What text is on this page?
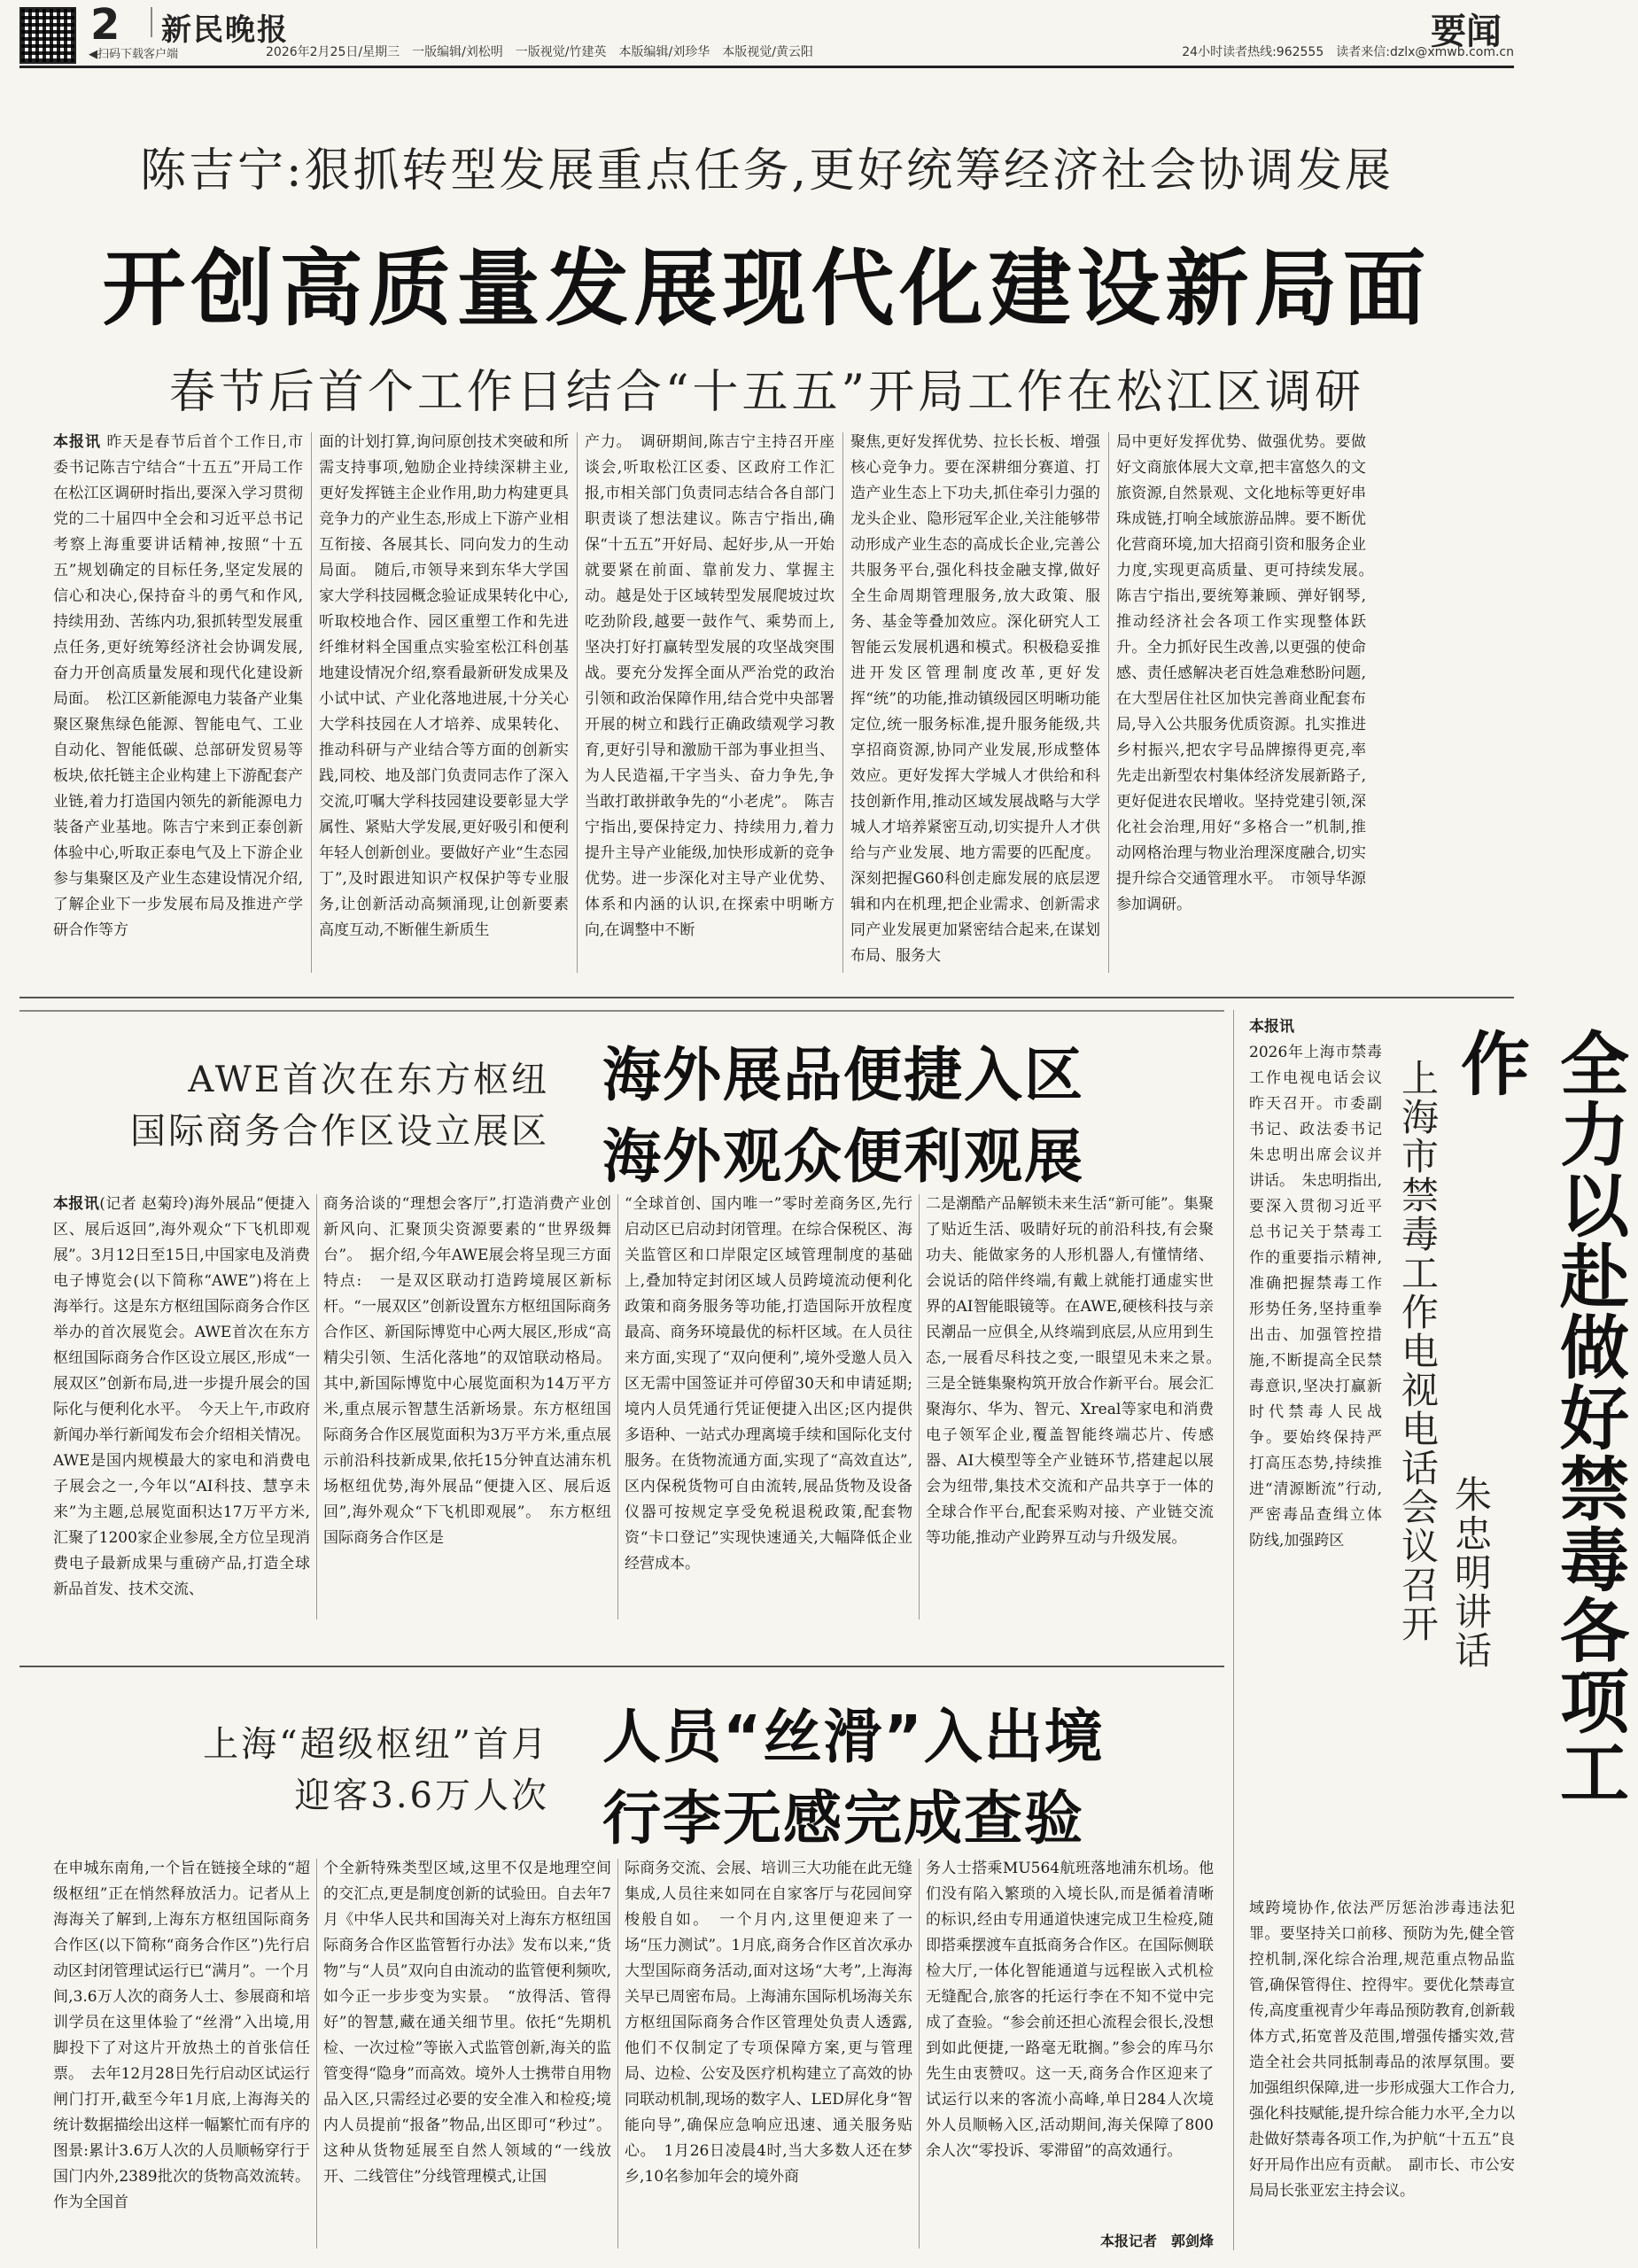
2 新民晚报	要闻
◀扫码下载客户端	2026年2月25日/星期三　一版编辑/刘松明　一版视觉/竹建英　本版编辑/刘珍华　本版视觉/黄云阳	24小时读者热线:962555　读者来信:dzlx@xmwb.com.cn
陈吉宁:狠抓转型发展重点任务,更好统筹经济社会协调发展
开创高质量发展现代化建设新局面
春节后首个工作日结合“十五五”开局工作在松江区调研
本报讯 昨天是春节后首个工作日,市委书记陈吉宁结合“十五五”开局工作在松江区调研时指出,要深入学习贯彻党的二十届四中全会和习近平总书记考察上海重要讲话精神,按照“十五五”规划确定的目标任务,坚定发展的信心和决心,保持奋斗的勇气和作风,持续用劲、苦练内功,狠抓转型发展重点任务,更好统筹经济社会协调发展,奋力开创高质量发展和现代化建设新局面。　松江区新能源电力装备产业集聚区聚焦绿色能源、智能电气、工业自动化、智能低碳、总部研发贸易等板块,依托链主企业构建上下游配套产业链,着力打造国内领先的新能源电力装备产业基地。陈吉宁来到正泰创新体验中心,听取正泰电气及上下游企业参与集聚区及产业生态建设情况介绍,了解企业下一步发展布局及推进产学研合作等方
面的计划打算,询问原创技术突破和所需支持事项,勉励企业持续深耕主业,更好发挥链主企业作用,助力构建更具竞争力的产业生态,形成上下游产业相互衔接、各展其长、同向发力的生动局面。　随后,市领导来到东华大学国家大学科技园概念验证成果转化中心,听取校地合作、园区重塑工作和先进纤维材料全国重点实验室松江科创基地建设情况介绍,察看最新研发成果及小试中试、产业化落地进展,十分关心大学科技园在人才培养、成果转化、推动科研与产业结合等方面的创新实践,同校、地及部门负责同志作了深入交流,叮嘱大学科技园建设要彰显大学属性、紧贴大学发展,更好吸引和便利年轻人创新创业。要做好产业“生态园丁”,及时跟进知识产权保护等专业服务,让创新活动高频涌现,让创新要素高度互动,不断催生新质生
产力。　调研期间,陈吉宁主持召开座谈会,听取松江区委、区政府工作汇报,市相关部门负责同志结合各自部门职责谈了想法建议。陈吉宁指出,确保“十五五”开好局、起好步,从一开始就要紧在前面、靠前发力、掌握主动。越是处于区域转型发展爬坡过坎吃劲阶段,越要一鼓作气、乘势而上,坚决打好打赢转型发展的攻坚战突围战。要充分发挥全面从严治党的政治引领和政治保障作用,结合党中央部署开展的树立和践行正确政绩观学习教育,更好引导和激励干部为事业担当、为人民造福,干字当头、奋力争先,争当敢打敢拼敢争先的“小老虎”。　陈吉宁指出,要保持定力、持续用力,着力提升主导产业能级,加快形成新的竞争优势。进一步深化对主导产业优势、体系和内涵的认识,在探索中明晰方向,在调整中不断
聚焦,更好发挥优势、拉长长板、增强核心竞争力。要在深耕细分赛道、打造产业生态上下功夫,抓住牵引力强的龙头企业、隐形冠军企业,关注能够带动形成产业生态的高成长企业,完善公共服务平台,强化科技金融支撑,做好全生命周期管理服务,放大政策、服务、基金等叠加效应。深化研究人工智能云发展机遇和模式。积极稳妥推进开发区管理制度改革,更好发挥“统”的功能,推动镇级园区明晰功能定位,统一服务标准,提升服务能级,共享招商资源,协同产业发展,形成整体效应。更好发挥大学城人才供给和科技创新作用,推动区域发展战略与大学城人才培养紧密互动,切实提升人才供给与产业发展、地方需要的匹配度。深刻把握G60科创走廊发展的底层逻辑和内在机理,把企业需求、创新需求同产业发展更加紧密结合起来,在谋划布局、服务大
局中更好发挥优势、做强优势。要做好文商旅体展大文章,把丰富悠久的文旅资源,自然景观、文化地标等更好串珠成链,打响全域旅游品牌。要不断优化营商环境,加大招商引资和服务企业力度,实现更高质量、更可持续发展。　陈吉宁指出,要统筹兼顾、弹好钢琴,推动经济社会各项工作实现整体跃升。全力抓好民生改善,以更强的使命感、责任感解决老百姓急难愁盼问题,在大型居住社区加快完善商业配套布局,导入公共服务优质资源。扎实推进乡村振兴,把农字号品牌擦得更亮,率先走出新型农村集体经济发展新路子,更好促进农民增收。坚持党建引领,深化社会治理,用好“多格合一”机制,推动网格治理与物业治理深度融合,切实提升综合交通管理水平。　市领导华源参加调研。
AWE首次在东方枢纽
国际商务合作区设立展区
海外展品便捷入区
海外观众便利观展
本报讯(记者 赵菊玲)海外展品“便捷入区、展后返回”,海外观众“下飞机即观展”。3月12日至15日,中国家电及消费电子博览会(以下简称“AWE”)将在上海举行。这是东方枢纽国际商务合作区举办的首次展览会。AWE首次在东方枢纽国际商务合作区设立展区,形成“一展双区”创新布局,进一步提升展会的国际化与便利化水平。　今天上午,市政府新闻办举行新闻发布会介绍相关情况。AWE是国内规模最大的家电和消费电子展会之一,今年以“AI科技、慧享未来”为主题,总展览面积达17万平方米,汇聚了1200家企业参展,全方位呈现消费电子最新成果与重磅产品,打造全球新品首发、技术交流、
商务洽谈的“理想会客厅”,打造消费产业创新风向、汇聚顶尖资源要素的“世界级舞台”。　据介绍,今年AWE展会将呈现三方面特点:　一是双区联动打造跨境展区新标杆。“一展双区”创新设置东方枢纽国际商务合作区、新国际博览中心两大展区,形成“高精尖引领、生活化落地”的双馆联动格局。其中,新国际博览中心展览面积为14万平方米,重点展示智慧生活新场景。东方枢纽国际商务合作区展览面积为3万平方米,重点展示前沿科技新成果,依托15分钟直达浦东机场枢纽优势,海外展品“便捷入区、展后返回”,海外观众“下飞机即观展”。　东方枢纽国际商务合作区是
“全球首创、国内唯一”零时差商务区,先行启动区已启动封闭管理。在综合保税区、海关监管区和口岸限定区域管理制度的基础上,叠加特定封闭区域人员跨境流动便利化政策和商务服务等功能,打造国际开放程度最高、商务环境最优的标杆区域。在人员往来方面,实现了“双向便利”,境外受邀人员入区无需中国签证并可停留30天和申请延期;境内人员凭通行凭证便捷入出区;区内提供多语种、一站式办理离境手续和国际化支付服务。在货物流通方面,实现了“高效直达”,区内保税货物可自由流转,展品货物及设备仪器可按规定享受免税退税政策,配套物资“卡口登记”实现快速通关,大幅降低企业经营成本。
二是潮酷产品解锁未来生活“新可能”。集聚了贴近生活、吸睛好玩的前沿科技,有会聚功夫、能做家务的人形机器人,有懂情绪、会说话的陪伴终端,有戴上就能打通虚实世界的AI智能眼镜等。在AWE,硬核科技与亲民潮品一应俱全,从终端到底层,从应用到生态,一展看尽科技之变,一眼望见未来之景。　三是全链集聚构筑开放合作新平台。展会汇聚海尔、华为、智元、Xreal等家电和消费电子领军企业,覆盖智能终端芯片、传感器、AI大模型等全产业链环节,搭建起以展会为纽带,集技术交流和产品共享于一体的全球合作平台,配套采购对接、产业链交流等功能,推动产业跨界互动与升级发展。
上海“超级枢纽”首月
迎客3.6万人次
人员“丝滑”入出境
行李无感完成查验
在申城东南角,一个旨在链接全球的“超级枢纽”正在悄然释放活力。记者从上海海关了解到,上海东方枢纽国际商务合作区(以下简称“商务合作区”)先行启动区封闭管理试运行已“满月”。一个月间,3.6万人次的商务人士、参展商和培训学员在这里体验了“丝滑”入出境,用脚投下了对这片开放热土的首张信任票。　去年12月28日先行启动区试运行闸门打开,截至今年1月底,上海海关的统计数据描绘出这样一幅繁忙而有序的图景:累计3.6万人次的人员顺畅穿行于国门内外,2389批次的货物高效流转。作为全国首
个全新特殊类型区域,这里不仅是地理空间的交汇点,更是制度创新的试验田。自去年7月《中华人民共和国海关对上海东方枢纽国际商务合作区监管暂行办法》发布以来,“货物”与“人员”双向自由流动的监管便利频吹,如今正一步步变为实景。　“放得活、管得好”的智慧,藏在通关细节里。依托“先期机检、一次过检”等嵌入式监管创新,海关的监管变得“隐身”而高效。境外人士携带自用物品入区,只需经过必要的安全准入和检疫;境内人员提前“报备”物品,出区即可“秒过”。这种从货物延展至自然人领域的“一线放开、二线管住”分线管理模式,让国
际商务交流、会展、培训三大功能在此无缝集成,人员往来如同在自家客厅与花园间穿梭般自如。　一个月内,这里便迎来了一场“压力测试”。1月底,商务合作区首次承办大型国际商务活动,面对这场“大考”,上海海关早已周密布局。上海浦东国际机场海关东方枢纽国际商务合作区管理处负责人透露,他们不仅制定了专项保障方案,更与管理局、边检、公安及医疗机构建立了高效的协同联动机制,现场的数字人、LED屏化身“智能向导”,确保应急响应迅速、通关服务贴心。　1月26日凌晨4时,当大多数人还在梦乡,10名参加年会的境外商
务人士搭乘MU564航班落地浦东机场。他们没有陷入繁琐的入境长队,而是循着清晰的标识,经由专用通道快速完成卫生检疫,随即搭乘摆渡车直抵商务合作区。在国际侧联检大厅,一体化智能通道与远程嵌入式机检无缝配合,旅客的托运行李在不知不觉中完成了查验。“参会前还担心流程会很长,没想到如此便捷,一路毫无耽搁。”参会的库马尔先生由衷赞叹。这一天,商务合作区迎来了试运行以来的客流小高峰,单日284人次境外人员顺畅入区,活动期间,海关保障了800余人次“零投诉、零滞留”的高效通行。
本报记者　郭剑烽
本报讯
2026年上海市禁毒工作电视电话会议昨天召开。市委副书记、政法委书记朱忠明出席会议并讲话。　朱忠明指出,要深入贯彻习近平总书记关于禁毒工作的重要指示精神,准确把握禁毒工作形势任务,坚持重拳出击、加强管控措施,不断提高全民禁毒意识,坚决打赢新时代禁毒人民战争。要始终保持严打高压态势,持续推进“清源断流”行动,严密毒品查缉立体防线,加强跨区	朱忠明讲话
上海市禁毒工作电视电话会议召开	全力以赴做好禁毒各项工作
域跨境协作,依法严厉惩治涉毒违法犯罪。要坚持关口前移、预防为先,健全管控机制,深化综合治理,规范重点物品监管,确保管得住、控得牢。要优化禁毒宣传,高度重视青少年毒品预防教育,创新载体方式,拓宽普及范围,增强传播实效,营造全社会共同抵制毒品的浓厚氛围。要加强组织保障,进一步形成强大工作合力,强化科技赋能,提升综合能力水平,全力以赴做好禁毒各项工作,为护航“十五五”良好开局作出应有贡献。　副市长、市公安局局长张亚宏主持会议。
